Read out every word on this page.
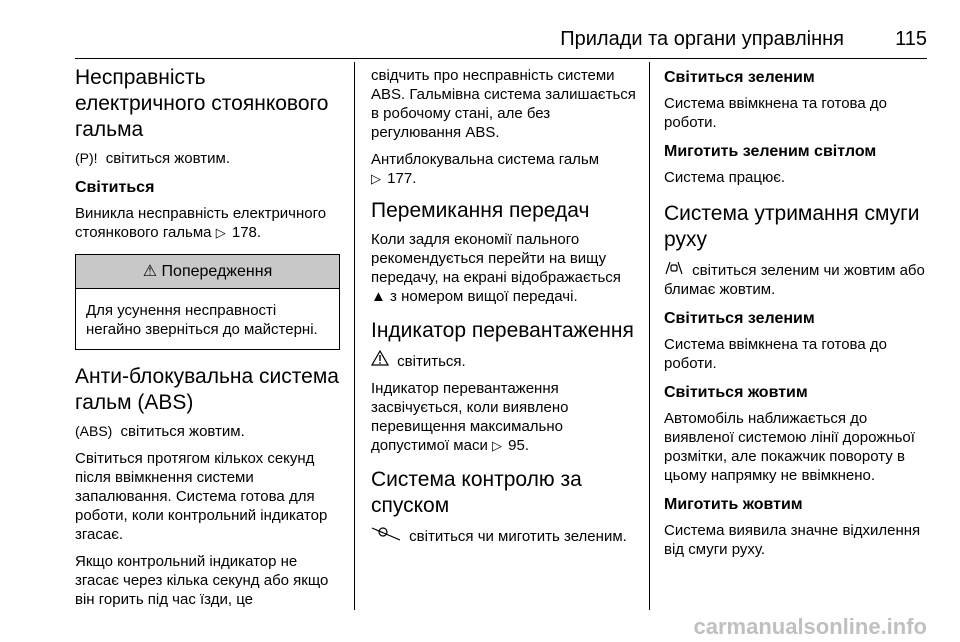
Прилади та органи управління	115
Несправність електричного стоянкового гальма

(P)! світиться жовтим.

Світиться

Виникла несправність електричного стоянкового гальма ▷ 178.

⚠ Попередження
Для усунення несправності негайно зверніться до майстерні.
Анти-блокувальна система гальм (ABS)

(ABS) світиться жовтим.

Світиться протягом кількох секунд після ввімкнення системи запалювання. Система готова для роботи, коли контрольний індикатор згасає.

Якщо контрольний індикатор не згасає через кілька секунд або якщо він горить під час їзди, це

свідчить про несправність системи ABS. Гальмівна система залишається в робочому стані, але без регулювання ABS.

Антиблокувальна система гальм
▷ 177.

Перемикання передач

Коли задля економії пального рекомендується перейти на вищу передачу, на екрані відображається ▲ з номером вищої передачі.

Індикатор перевантаження

світиться.

Індикатор перевантаження засвічується, коли виявлено перевищення максимально допустимої маси ▷ 95.

Система контролю за спуском

світиться чи миготить зеленим.

Світиться зеленим

Система ввімкнена та готова до роботи.

Миготить зеленим світлом

Система працює.

Система утримання смуги руху

світиться зеленим чи жовтим або блимає жовтим.

Світиться зеленим

Система ввімкнена та готова до роботи.

Світиться жовтим

Автомобіль наближається до виявленої системою лінії дорожньої розмітки, але покажчик повороту в цьому напрямку не ввімкнено.

Миготить жовтим

Система виявила значне відхилення від смуги руху.

carmanualsonline.info
